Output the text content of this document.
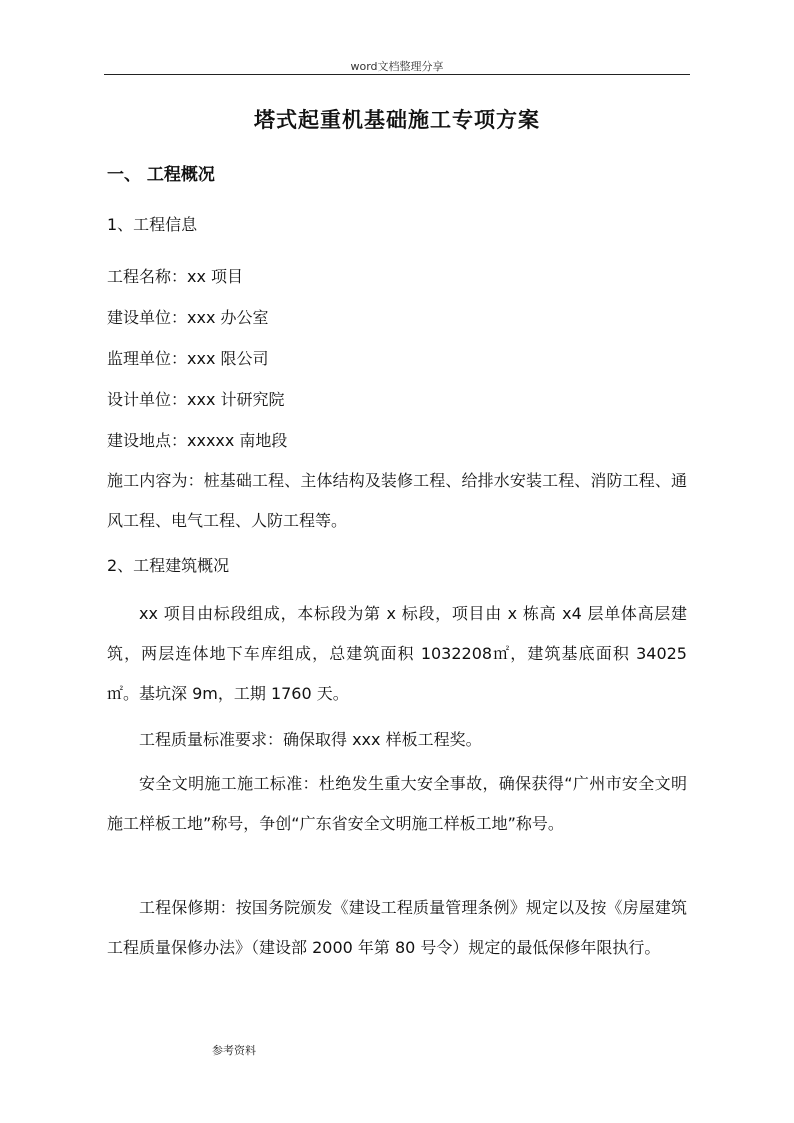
word文档整理分享
塔式起重机基础施工专项方案
一、 工程概况
1、工程信息
工程名称：xx 项目
建设单位：xxx 办公室
监理单位：xxx 限公司
设计单位：xxx 计研究院
建设地点：xxxxx 南地段
施工内容为：桩基础工程、主体结构及装修工程、给排水安装工程、消防工程、通风工程、电气工程、人防工程等。
2、工程建筑概况
xx 项目由标段组成，本标段为第 x 标段，项目由 x 栋高 x4 层单体高层建筑，两层连体地下车库组成，总建筑面积 1032208㎡，建筑基底面积 34025㎡。基坑深 9m，工期 1760 天。
工程质量标准要求：确保取得 xxx 样板工程奖。
安全文明施工施工标准：杜绝发生重大安全事故，确保获得“广州市安全文明施工样板工地”称号，争创“广东省安全文明施工样板工地”称号。
工程保修期：按国务院颁发《建设工程质量管理条例》规定以及按《房屋建筑工程质量保修办法》（建设部 2000 年第 80 号令）规定的最低保修年限执行。
参考资料
